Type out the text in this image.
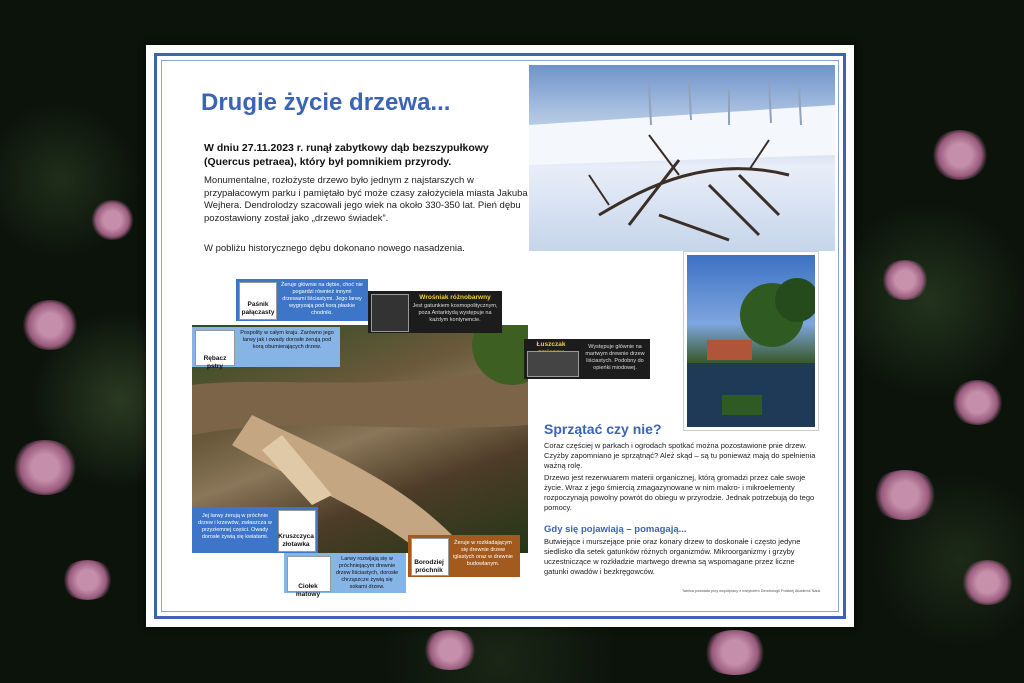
Drugie życie drzewa...
W dniu 27.11.2023 r. runął zabytkowy dąb bezszypułkowy (Quercus petraea), który był pomnikiem przyrody.
Monumentalne, rozłożyste drzewo było jednym z najstarszych w przypałacowym parku i pamiętało być może czasy założyciela miasta Jakuba Wejhera. Dendrolodzy szacowali jego wiek na około 330-350 lat. Pień dębu pozostawiony został jako „drzewo świadek”.
W pobliżu historycznego dębu dokonano nowego nasadzenia.
Paśnik pałączasty
Żeruje głównie na dębie, choć nie pogardzi również innymi drzewami liściastymi. Jego larwy wygryzają pod korą płaskie chodniki.
Wrośniak różnobarwny
Jest gatunkiem kosmopolitycznym, poza Antarktydą występuje na każdym kontynencie.
Rębacz pstry
Pospolity w całym kraju. Zarówno jego larwy jak i owady dorosłe żerują pod korą obumierających drzew.	Łuszczak	Występuje głównie na martwym drewnie drzew liściastych. Podobny do opieńki miodowej.
Jej larwy żerują w próchnie drzew i krzewów, zwłaszcza w przyziemnej części. Owady dorosłe żywią się kwiatami.	Kruszczyca złotawka
Ciołek matowy
Larwy rozwijają się w próchniejącym drewnie drzew liściastych, dorosłe chrząszcze żywią się sokami drzew.
Borodziej próchnik
Żeruje w rozkładającym się drewnie drzew iglastych oraz w drewnie budowlanym.
Sprzątać czy nie?
Coraz częściej w parkach i ogrodach spotkać można pozostawione pnie drzew. Czyżby zapomniano je sprzątnąć? Ależ skąd – są tu ponieważ mają do spełnienia ważną rolę.
Drzewo jest rezerwuarem materii organicznej, którą gromadzi przez całe swoje życie. Wraz z jego śmiercią zmagazynowane w nim makro- i mikroelementy rozpoczynają powolny powrót do obiegu w przyrodzie. Jednak potrzebują do tego pomocy.
Gdy się pojawiają – pomagają...
Butwiejące i murszejące pnie oraz konary drzew to doskonałe i często jedyne siedlisko dla setek gatunków różnych organizmów. Mikroorganizmy i grzyby uczestniczące w rozkładzie martwego drewna są wspomagane przez liczne gatunki owadów i bezkręgowców.
Tablica powstała przy współpracy z Instytutem Dendrologii Polskiej Akademii Nauk
